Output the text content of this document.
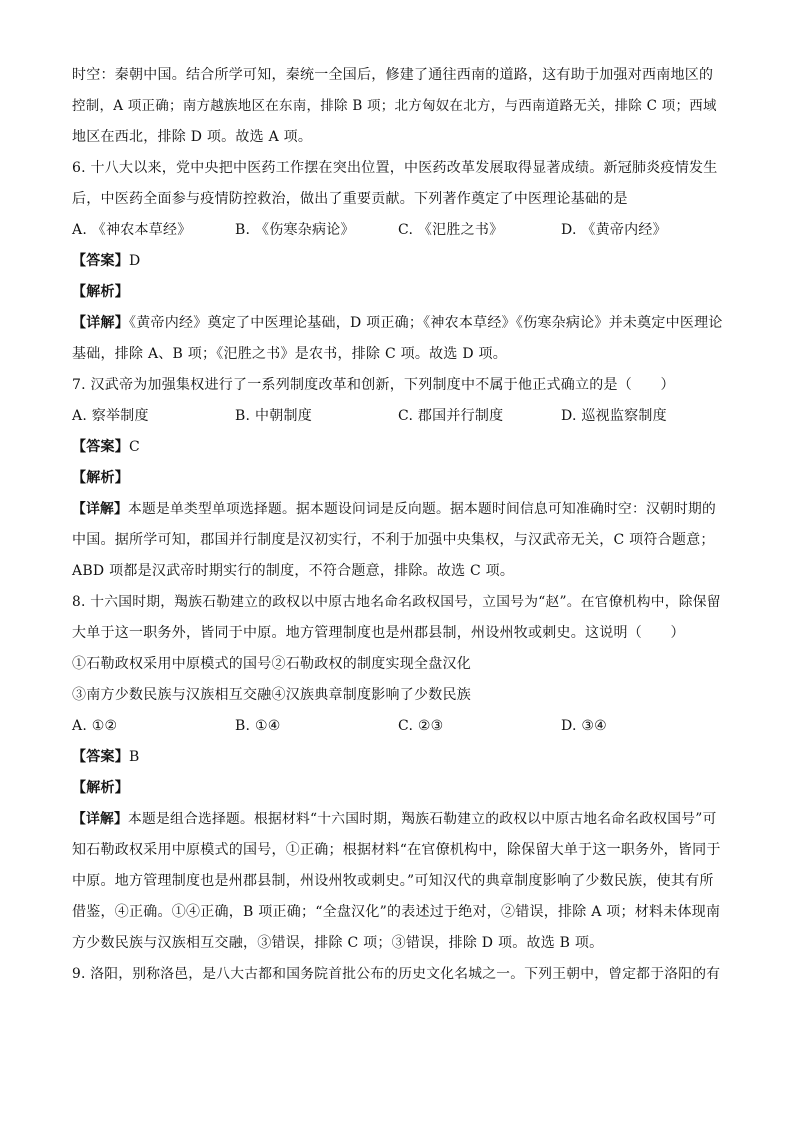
时空：秦朝中国。结合所学可知，秦统一全国后，修建了通往西南的道路，这有助于加强对西南地区的
控制，A 项正确；南方越族地区在东南，排除 B 项；北方匈奴在北方，与西南道路无关，排除 C 项；西域
地区在西北，排除 D 项。故选 A 项。
6. 十八大以来，党中央把中医药工作摆在突出位置，中医药改革发展取得显著成绩。新冠肺炎疫情发生
后，中医药全面参与疫情防控救治，做出了重要贡献。下列著作奠定了中医理论基础的是
A. 《神农本草经》	B. 《伤寒杂病论》	C. 《汜胜之书》	D. 《黄帝内经》
【答案】D
【解析】
【详解】《黄帝内经》奠定了中医理论基础，D 项正确；《神农本草经》《伤寒杂病论》并未奠定中医理论
基础，排除 A、B 项；《汜胜之书》是农书，排除 C 项。故选 D 项。
7. 汉武帝为加强集权进行了一系列制度改革和创新，下列制度中不属于他正式确立的是（　　）
A. 察举制度	B. 中朝制度	C. 郡国并行制度	D. 巡视监察制度
【答案】C
【解析】
【详解】本题是单类型单项选择题。据本题设问词是反向题。据本题时间信息可知准确时空：汉朝时期的
中国。据所学可知，郡国并行制度是汉初实行，不利于加强中央集权，与汉武帝无关，C 项符合题意；
ABD 项都是汉武帝时期实行的制度，不符合题意，排除。故选 C 项。
8. 十六国时期，羯族石勒建立的政权以中原古地名命名政权国号，立国号为“赵”。在官僚机构中，除保留
大单于这一职务外，皆同于中原。地方管理制度也是州郡县制，州设州牧或刺史。这说明（　　）
①石勒政权采用中原模式的国号②石勒政权的制度实现全盘汉化
③南方少数民族与汉族相互交融④汉族典章制度影响了少数民族
A. ①②	B. ①④	C. ②③	D. ③④
【答案】B
【解析】
【详解】本题是组合选择题。根据材料“十六国时期，羯族石勒建立的政权以中原古地名命名政权国号”可
知石勒政权采用中原模式的国号，①正确；根据材料“在官僚机构中，除保留大单于这一职务外，皆同于
中原。地方管理制度也是州郡县制，州设州牧或刺史。”可知汉代的典章制度影响了少数民族，使其有所
借鉴，④正确。①④正确，B 项正确；“全盘汉化”的表述过于绝对，②错误，排除 A 项；材料未体现南
方少数民族与汉族相互交融，③错误，排除 C 项；③错误，排除 D 项。故选 B 项。
9. 洛阳，别称洛邑，是八大古都和国务院首批公布的历史文化名城之一。下列王朝中，曾定都于洛阳的有
